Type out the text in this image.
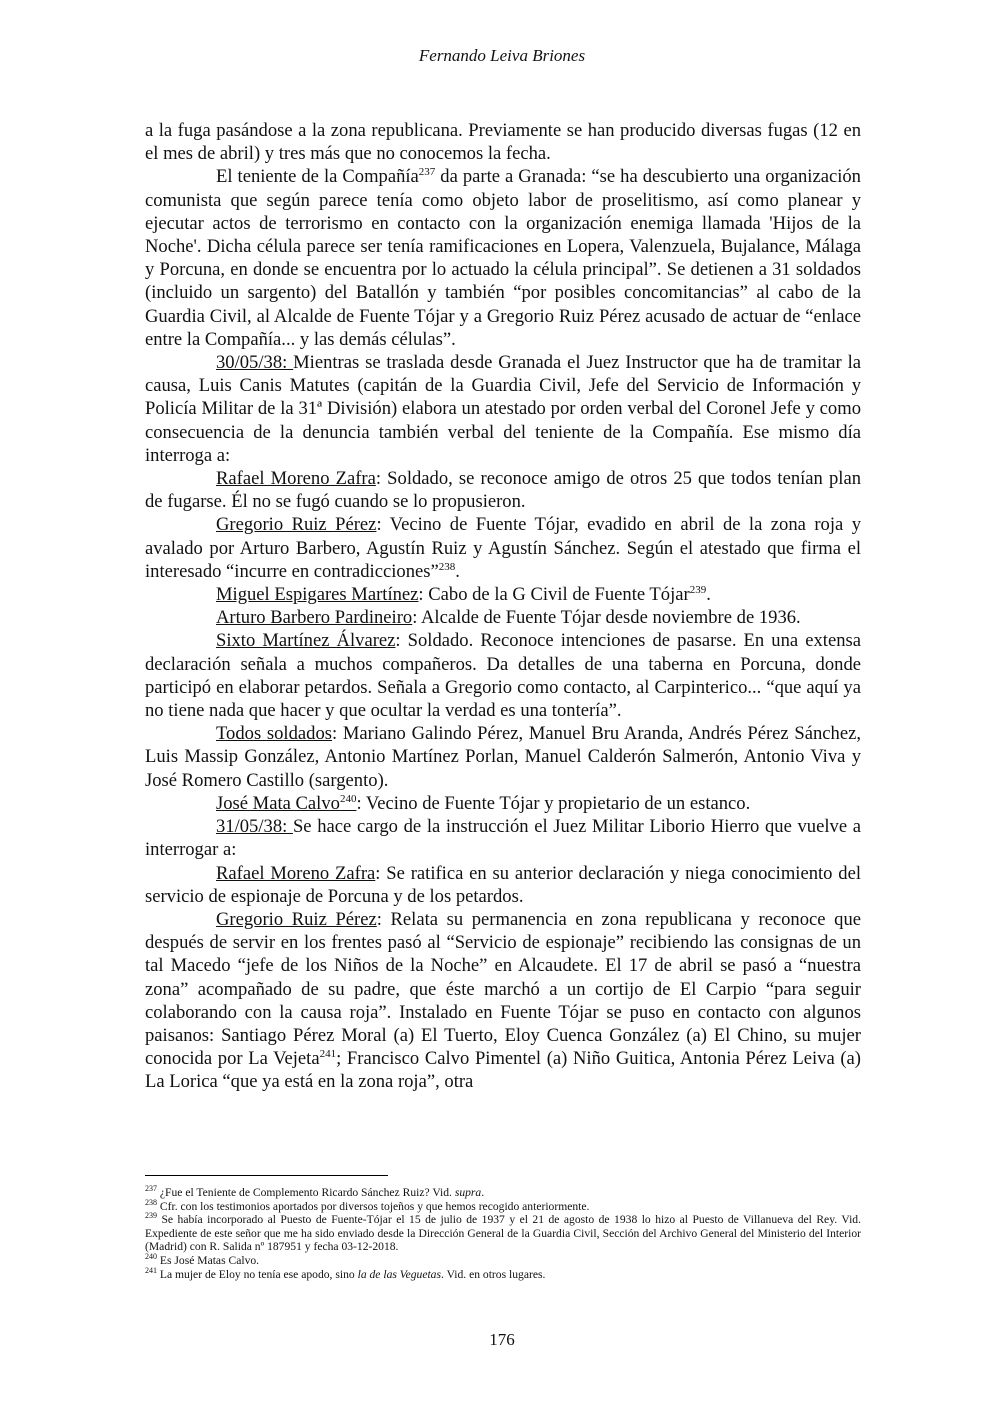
Fernando Leiva Briones

a la fuga pasándose a la zona republicana. Previamente se han producido diversas fugas (12 en el mes de abril) y tres más que no conocemos la fecha.

El teniente de la Compañía$^{237}$ da parte a Granada: “se ha descubierto una organización comunista que según parece tenía como objeto labor de proselitismo, así como planear y ejecutar actos de terrorismo en contacto con la organización enemiga llamada 'Hijos de la Noche'. Dicha célula parece ser tenía ramificaciones en Lopera, Valenzuela, Bujalance, Málaga y Porcuna, en donde se encuentra por lo actuado la célula principal”. Se detienen a 31 soldados (incluido un sargento) del Batallón y también “por posibles concomitancias” al cabo de la Guardia Civil, al Alcalde de Fuente Tójar y a Gregorio Ruiz Pérez acusado de actuar de “enlace entre la Compañía... y las demás células”.

30/05/38: Mientras se traslada desde Granada el Juez Instructor que ha de tramitar la causa, Luis Canis Matutes (capitán de la Guardia Civil, Jefe del Servicio de Información y Policía Militar de la 31ª División) elabora un atestado por orden verbal del Coronel Jefe y como consecuencia de la denuncia también verbal del teniente de la Compañía. Ese mismo día interroga a:

Rafael Moreno Zafra: Soldado, se reconoce amigo de otros 25 que todos tenían plan de fugarse. Él no se fugó cuando se lo propusieron.

Gregorio Ruiz Pérez: Vecino de Fuente Tójar, evadido en abril de la zona roja y avalado por Arturo Barbero, Agustín Ruiz y Agustín Sánchez. Según el atestado que firma el interesado “incurre en contradicciones”$^{238}$.

Miguel Espigares Martínez: Cabo de la G Civil de Fuente Tójar$^{239}$.

Arturo Barbero Pardineiro: Alcalde de Fuente Tójar desde noviembre de 1936.

Sixto Martínez Álvarez: Soldado. Reconoce intenciones de pasarse. En una extensa declaración señala a muchos compañeros. Da detalles de una taberna en Porcuna, donde participó en elaborar petardos. Señala a Gregorio como contacto, al Carpinterico... “que aquí ya no tiene nada que hacer y que ocultar la verdad es una tontería”.

Todos soldados: Mariano Galindo Pérez, Manuel Bru Aranda, Andrés Pérez Sánchez, Luis Massip González, Antonio Martínez Porlan, Manuel Calderón Salmerón, Antonio Viva y José Romero Castillo (sargento).

José Mata Calvo$^{240}$: Vecino de Fuente Tójar y propietario de un estanco.

31/05/38: Se hace cargo de la instrucción el Juez Militar Liborio Hierro que vuelve a interrogar a:

Rafael Moreno Zafra: Se ratifica en su anterior declaración y niega conocimiento del servicio de espionaje de Porcuna y de los petardos.

Gregorio Ruiz Pérez: Relata su permanencia en zona republicana y reconoce que después de servir en los frentes pasó al “Servicio de espionaje” recibiendo las consignas de un tal Macedo “jefe de los Niños de la Noche” en Alcaudete. El 17 de abril se pasó a “nuestra zona” acompañado de su padre, que éste marchó a un cortijo de El Carpio “para seguir colaborando con la causa roja”. Instalado en Fuente Tójar se puso en contacto con algunos paisanos: Santiago Pérez Moral (a) El Tuerto, Eloy Cuenca González (a) El Chino, su mujer conocida por La Vejeta$^{241}$; Francisco Calvo Pimentel (a) Niño Guitica, Antonia Pérez Leiva (a) La Lorica “que ya está en la zona roja”, otra

$^{237}$ ¿Fue el Teniente de Complemento Ricardo Sánchez Ruiz? Vid. supra.

$^{238}$ Cfr. con los testimonios aportados por diversos tojeños y que hemos recogido anteriormente.

$^{239}$ Se había incorporado al Puesto de Fuente-Tójar el 15 de julio de 1937 y el 21 de agosto de 1938 lo hizo al Puesto de Villanueva del Rey. Vid. Expediente de este señor que me ha sido enviado desde la Dirección General de la Guardia Civil, Sección del Archivo General del Ministerio del Interior (Madrid) con R. Salida nº 187951 y fecha 03-12-2018.

$^{240}$ Es José Matas Calvo.

$^{241}$ La mujer de Eloy no tenía ese apodo, sino la de las Veguetas. Vid. en otros lugares.

176
